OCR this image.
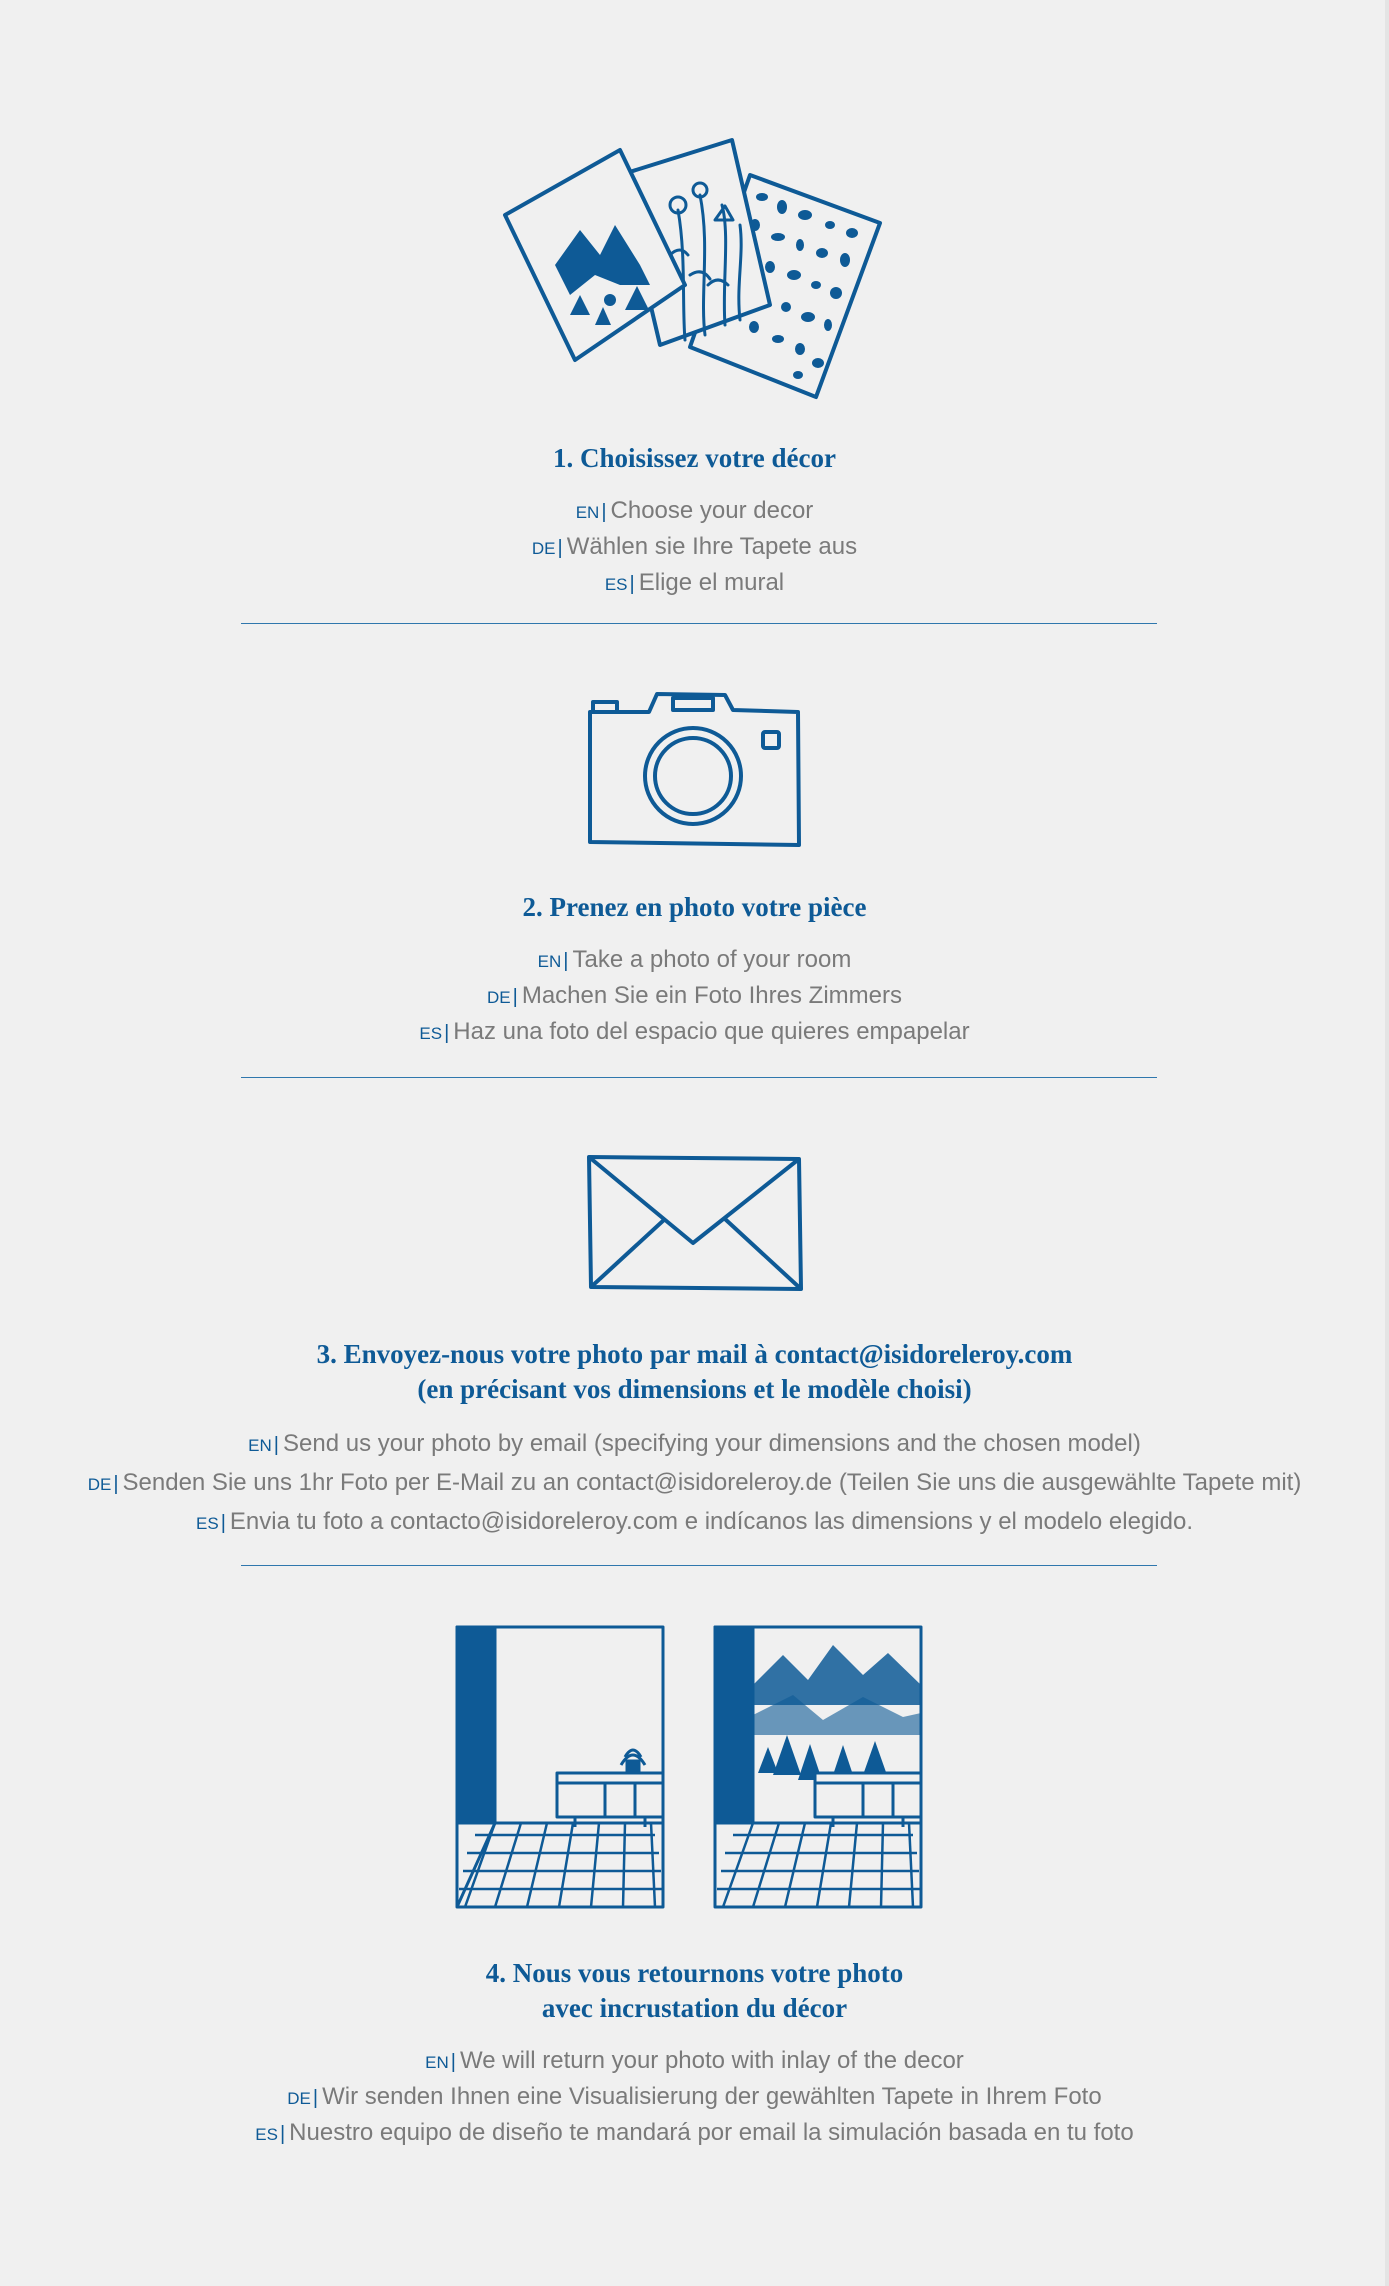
1. Choisissez votre décor

EN | Choose your decor
DE | Wählen sie Ihre Tapete aus
ES | Elige el mural

2. Prenez en photo votre pièce

EN | Take a photo of your room
DE | Machen Sie ein Foto Ihres Zimmers
ES | Haz una foto del espacio que quieres empapelar

3. Envoyez-nous votre photo par mail à contact@isidoreleroy.com

(en précisant vos dimensions et le modèle choisi)

EN | Send us your photo by email (specifying your dimensions and the chosen model)
DE | Senden Sie uns 1hr Foto per E-Mail zu an contact@isidoreleroy.de (Teilen Sie uns die ausgewählte Tapete mit)
ES | Envia tu foto a contacto@isidoreleroy.com e indícanos las dimensions y el modelo elegido.

4. Nous vous retournons votre photo

avec incrustation du décor

EN | We will return your photo with inlay of the decor
DE | Wir senden Ihnen eine Visualisierung der gewählten Tapete in Ihrem Foto
ES | Nuestro equipo de diseño te mandará por email la simulación basada en tu foto
